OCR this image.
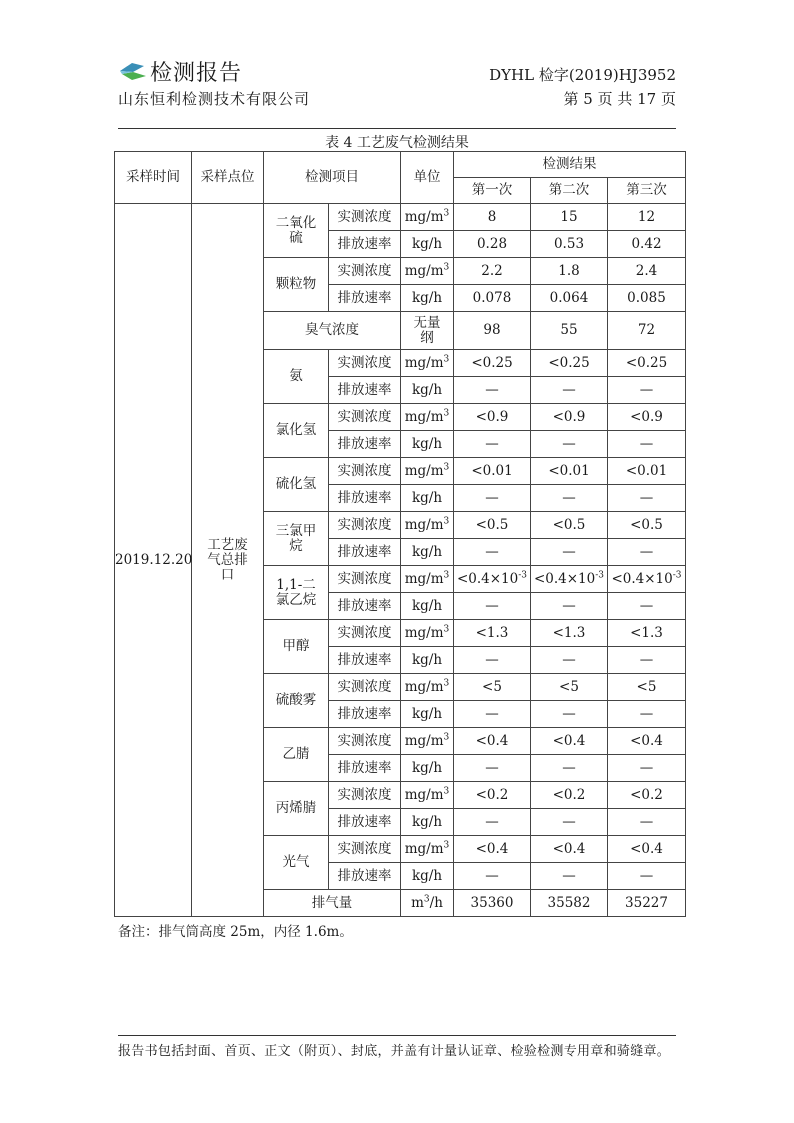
检测报告
山东恒利检测技术有限公司
DYHL 检字(2019)HJ3952
第 5 页 共 17 页
表 4 工艺废气检测结果
采样时间	采样点位	检测项目		单位	检测结果		
					第一次	第二次	第三次
2019.12.20	工艺废气总排口	二氧化硫	实测浓度	$mg/m^3$	8	15	12
			排放速率	kg/h	0.28	0.53	0.42
		颗粒物	实测浓度	$mg/m^3$	2.2	1.8	2.4
			排放速率	kg/h	0.078	0.064	0.085
		臭气浓度		无量纲	98	55	72
		氨	实测浓度	$mg/m^3$	<0.25	<0.25	<0.25
			排放速率	kg/h	—	—	—
		氯化氢	实测浓度	$mg/m^3$	<0.9	<0.9	<0.9
			排放速率	kg/h	—	—	—
		硫化氢	实测浓度	$mg/m^3$	<0.01	<0.01	<0.01
			排放速率	kg/h	—	—	—
		三氯甲烷	实测浓度	$mg/m^3$	<0.5	<0.5	<0.5
			排放速率	kg/h	—	—	—
		1,1-二氯乙烷	实测浓度	$mg/m^3$	$<0.4\times 10^{-3}$	$<0.4\times 10^{-3}$	$<0.4\times 10^{-3}$
			排放速率	kg/h	—	—	—
		甲醇	实测浓度	$mg/m^3$	<1.3	<1.3	<1.3
			排放速率	kg/h	—	—	—
		硫酸雾	实测浓度	$mg/m^3$	<5	<5	<5
			排放速率	kg/h	—	—	—
		乙腈	实测浓度	$mg/m^3$	<0.4	<0.4	<0.4
			排放速率	kg/h	—	—	—
		丙烯腈	实测浓度	$mg/m^3$	<0.2	<0.2	<0.2
			排放速率	kg/h	—	—	—
		光气	实测浓度	$mg/m^3$	<0.4	<0.4	<0.4
			排放速率	kg/h	—	—	—
		排气量		$m^3/h$	35360	35582	35227
备注：排气筒高度 25m，内径 1.6m。
报告书包括封面、首页、正文（附页）、封底，并盖有计量认证章、检验检测专用章和骑缝章。
